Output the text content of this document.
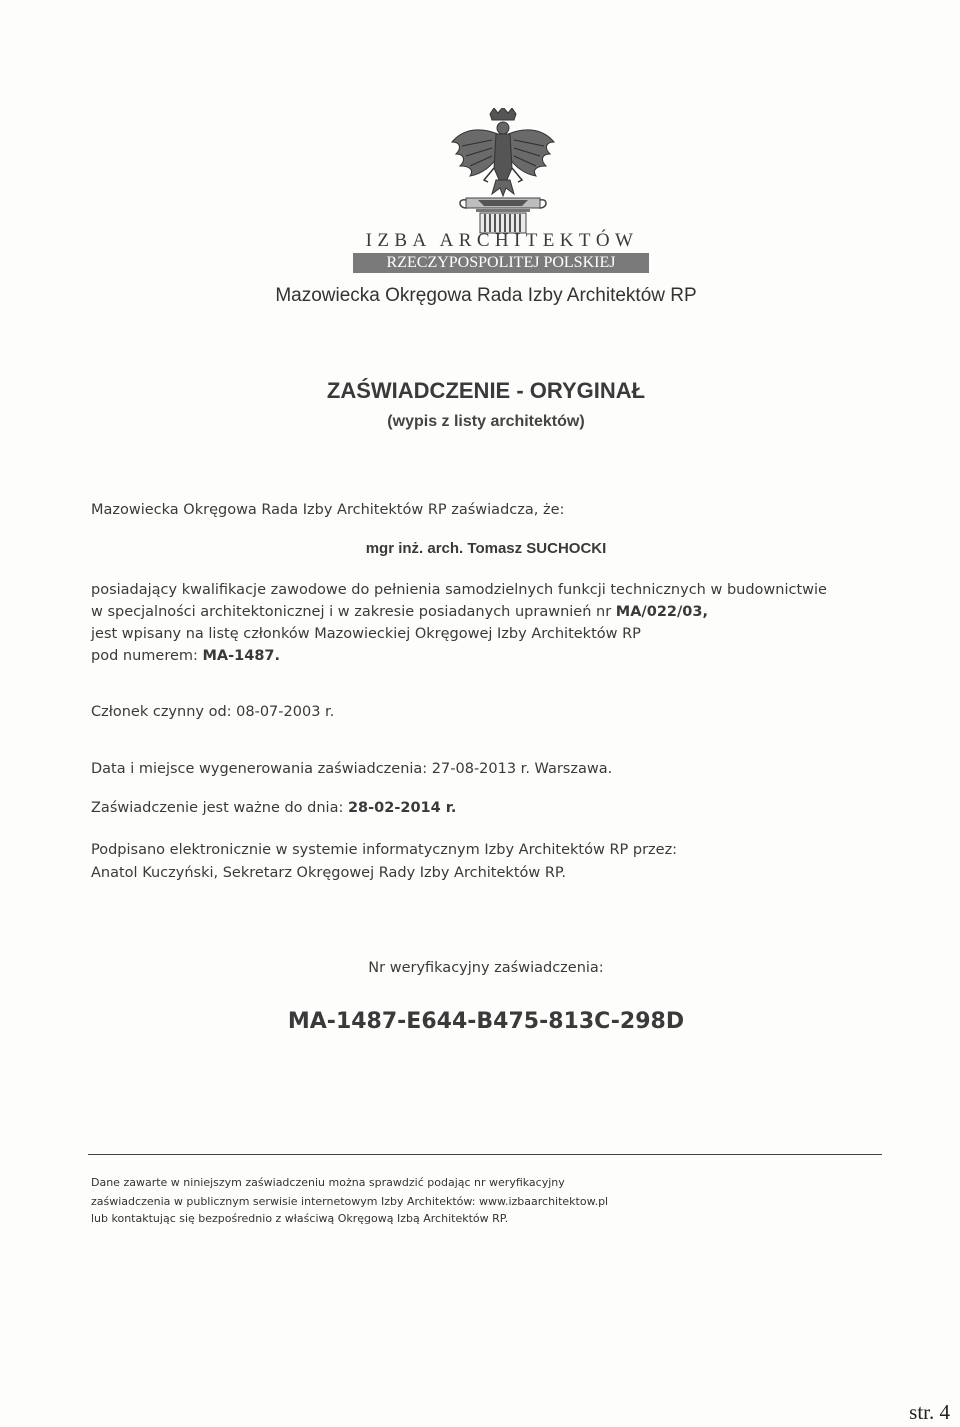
IZBA ARCHITEKTÓW
RZECZYPOSPOLITEJ POLSKIEJ
Mazowiecka Okręgowa Rada Izby Architektów RP
ZAŚWIADCZENIE - ORYGINAŁ
(wypis z listy architektów)
Mazowiecka Okręgowa Rada Izby Architektów RP zaświadcza, że:
mgr inż. arch. Tomasz SUCHOCKI
posiadający kwalifikacje zawodowe do pełnienia samodzielnych funkcji technicznych w budownictwie
w specjalności architektonicznej i w zakresie posiadanych uprawnień nr MA/022/03,
jest wpisany na listę członków Mazowieckiej Okręgowej Izby Architektów RP
pod numerem: MA-1487.
Członek czynny od: 08-07-2003 r.
Data i miejsce wygenerowania zaświadczenia: 27-08-2013 r. Warszawa.
Zaświadczenie jest ważne do dnia: 28-02-2014 r.
Podpisano elektronicznie w systemie informatycznym Izby Architektów RP przez:
Anatol Kuczyński, Sekretarz Okręgowej Rady Izby Architektów RP.
Nr weryfikacyjny zaświadczenia:
MA-1487-E644-B475-813C-298D
Dane zawarte w niniejszym zaświadczeniu można sprawdzić podając nr weryfikacyjny
zaświadczenia w publicznym serwisie internetowym Izby Architektów: www.izbaarchitektow.pl
lub kontaktując się bezpośrednio z właściwą Okręgową Izbą Architektów RP.
str. 4
